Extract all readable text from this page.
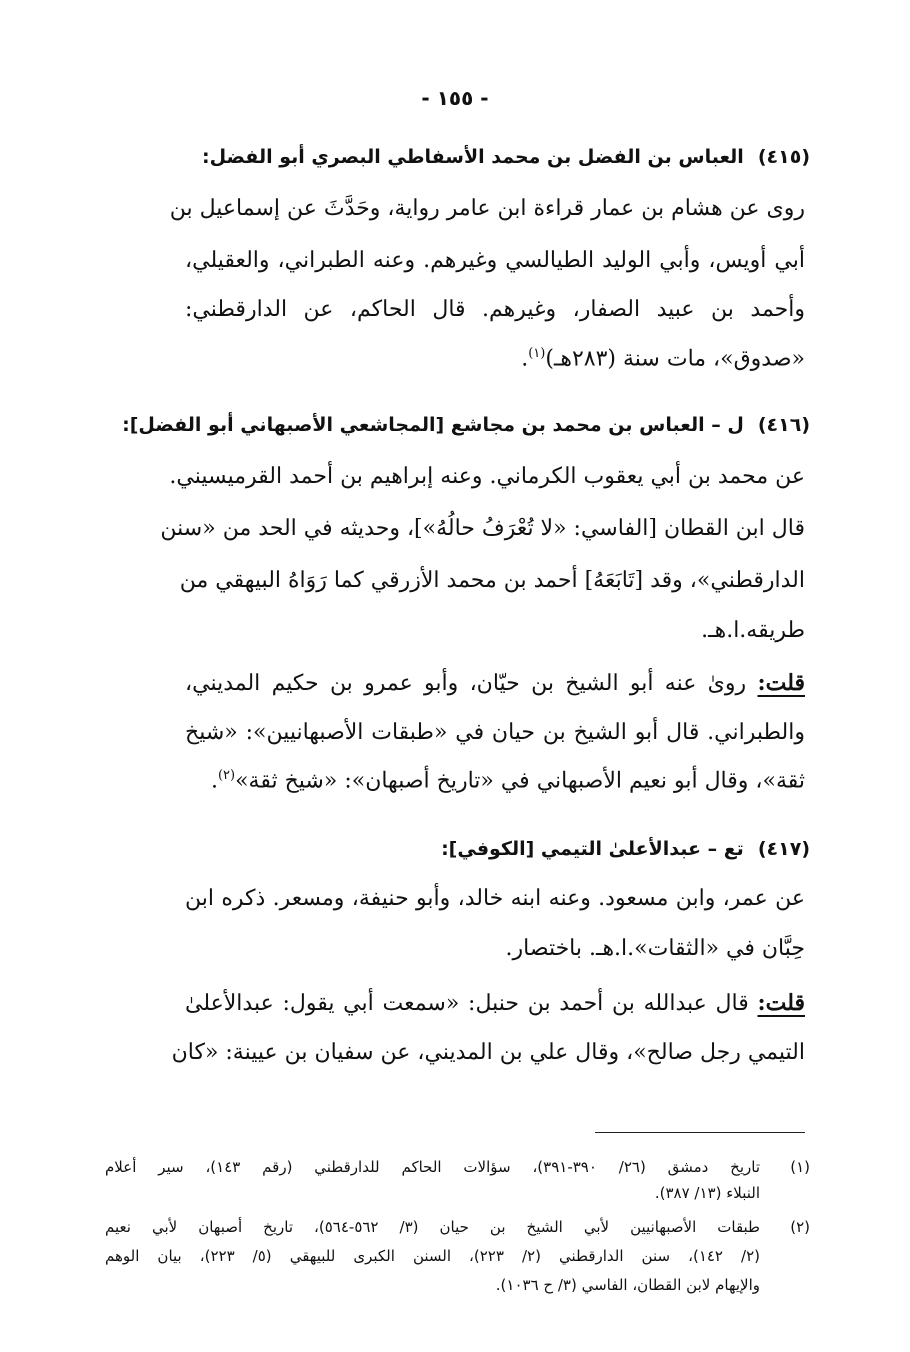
- ١٥٥ -
(٤١٥)العباس بن الفضل بن محمد الأسفاطي البصري أبو الفضل:
روى عن هشام بن عمار قراءة ابن عامر رواية، وحَدَّثَ عن إسماعيل بن
أبي أويس، وأبي الوليد الطيالسي وغيرهم. وعنه الطبراني، والعقيلي،
وأحمد بن عبيد الصفار، وغيرهم. قال الحاكم، عن الدارقطني:
«صدوق»، مات سنة (٢٨٣هـ)$^{(١)}$.
(٤١٦)ل – العباس بن محمد بن مجاشع [المجاشعي الأصبهاني أبو الفضل]:
عن محمد بن أبي يعقوب الكرماني. وعنه إبراهيم بن أحمد القرميسيني.
قال ابن القطان [الفاسي: «لا تُعْرَفُ حالُهُ»]، وحديثه في الحد من «سنن
الدارقطني»، وقد [تَابَعَهُ] أحمد بن محمد الأزرقي كما رَوَاهُ البيهقي من
طريقه.ا.هـ.
قلت: رویٰ عنه أبو الشيخ بن حيّان، وأبو عمرو بن حكيم المديني،
والطبراني. قال أبو الشيخ بن حيان في «طبقات الأصبهانيين»: «شيخ
ثقة»، وقال أبو نعيم الأصبهاني في «تاريخ أصبهان»: «شيخ ثقة»$^{(٢)}$.
(٤١٧)تع – عبدالأعلىٰ التيمي [الكوفي]:
عن عمر، وابن مسعود. وعنه ابنه خالد، وأبو حنيفة، ومسعر. ذكره ابن
حِبَّان في «الثقات».ا.هـ. باختصار.
قلت: قال عبدالله بن أحمد بن حنبل: «سمعت أبي يقول: عبدالأعلىٰ
التيمي رجل صالح»، وقال علي بن المديني، عن سفيان بن عيينة: «كان
(١)
تاريخ دمشق (٢٦/ ٣٩٠-٣٩١)، سؤالات الحاكم للدارقطني (رقم ١٤٣)، سير أعلام
النبلاء (١٣/ ٣٨٧).
(٢)
طبقات الأصبهانيين لأبي الشيخ بن حيان (٣/ ٥٦٢-٥٦٤)، تاريخ أصبهان لأبي نعيم
(٢/ ١٤٢)، سنن الدارقطني (٢/ ٢٢٣)، السنن الكبرى للبيهقي (٥/ ٢٢٣)، بيان الوهم
والإيهام لابن القطان، الفاسي (٣/ ح ١٠٣٦).
